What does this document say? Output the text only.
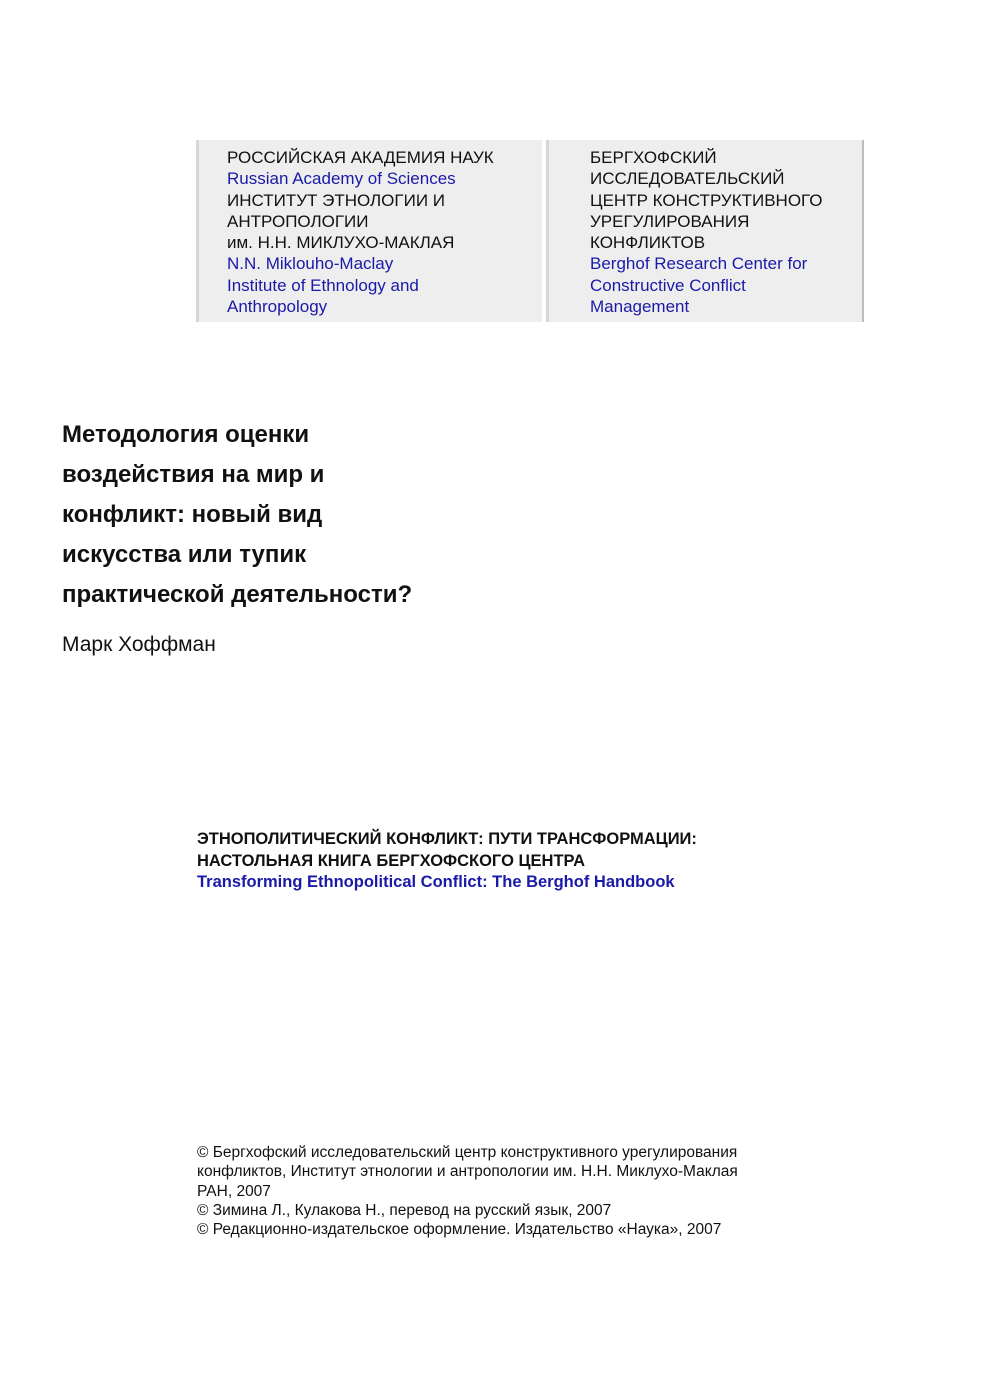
РОССИЙСКАЯ АКАДЕМИЯ НАУК
Russian Academy of Sciences
ИНСТИТУТ ЭТНОЛОГИИ И
АНТРОПОЛОГИИ
им. Н.Н. МИКЛУХО-МАКЛАЯ
N.N. Miklouho-Maclay
Institute of Ethnology and
Anthropology
БЕРГХОФСКИЙ
ИССЛЕДОВАТЕЛЬСКИЙ
ЦЕНТР КОНСТРУКТИВНОГО
УРЕГУЛИРОВАНИЯ
КОНФЛИКТОВ
Berghof Research Center for
Constructive Conflict
Management
Методология оценки
воздействия на мир и
конфликт: новый вид
искусства или тупик
практической деятельности?
Марк Хоффман
ЭТНОПОЛИТИЧЕСКИЙ КОНФЛИКТ: ПУТИ ТРАНСФОРМАЦИИ:
НАСТОЛЬНАЯ КНИГА БЕРГХОФСКОГО ЦЕНТРА
Transforming Ethnopolitical Conflict: The Berghof Handbook
© Бергхофский исследовательский центр конструктивного урегулирования
конфликтов, Институт этнологии и антропологии им. Н.Н. Миклухо-Маклая
РАН, 2007
© Зимина Л., Кулакова Н., перевод на русский язык, 2007
© Редакционно-издательское оформление. Издательство «Наука», 2007
